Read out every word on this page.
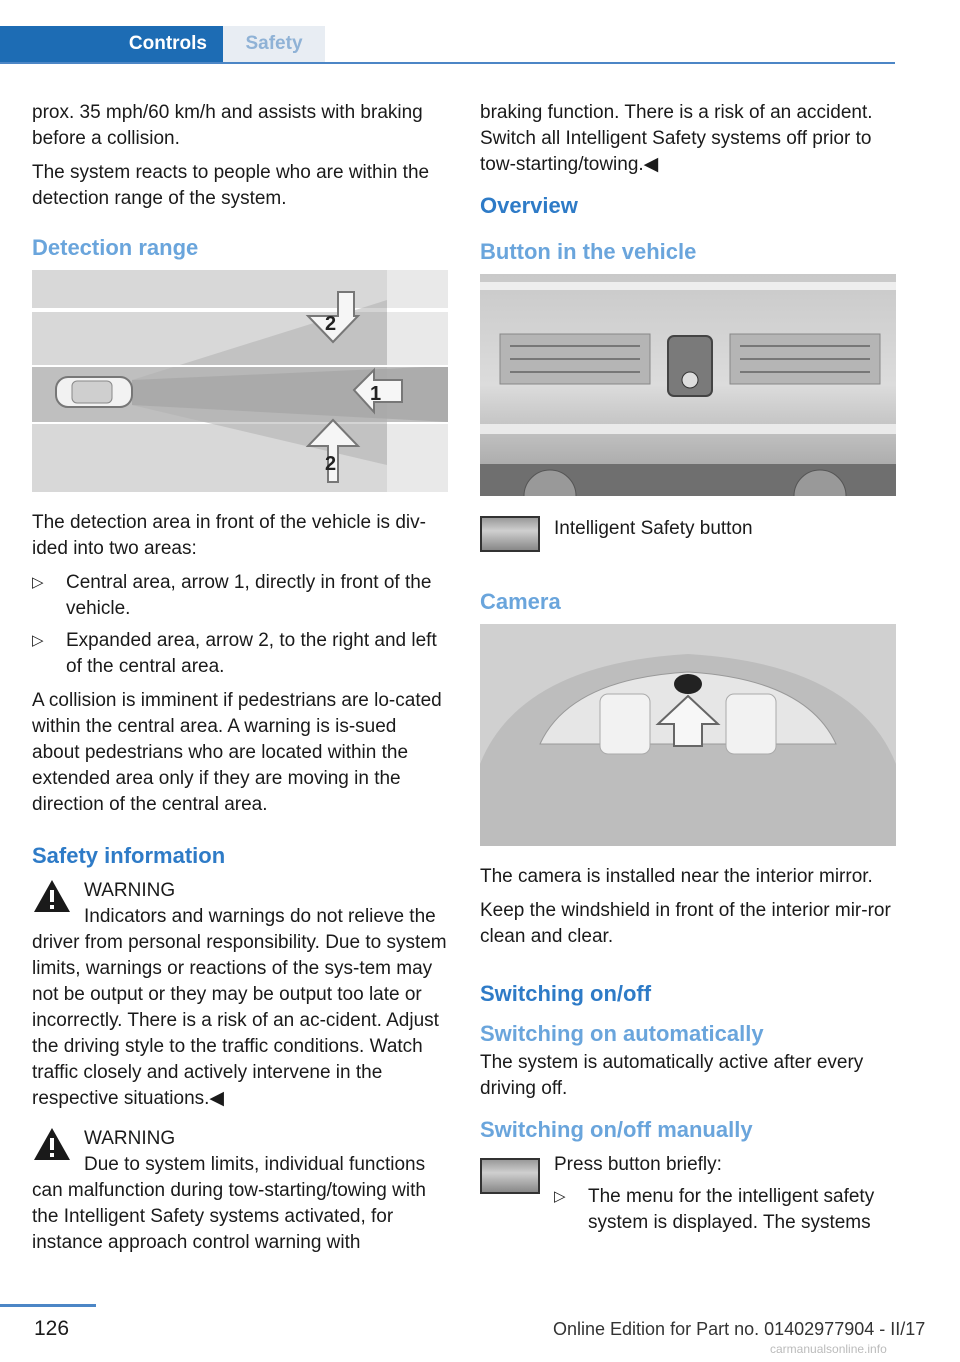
Controls	Safety

prox. 35 mph/60 km/h and assists with braking before a collision.

The system reacts to people who are within the detection range of the system.

Detection range
2
1
2

The detection area in front of the vehicle is div‐ided into two areas:

▷ Central area, arrow 1, directly in front of the vehicle.
▷ Expanded area, arrow 2, to the right and left of the central area.

A collision is imminent if pedestrians are lo‐cated within the central area. A warning is is‐sued about pedestrians who are located within the extended area only if they are moving in the direction of the central area.

Safety information
WARNING

Indicators and warnings do not relieve the driver from personal responsibility. Due to system limits, warnings or reactions of the sys‐tem may not be output or they may be output too late or incorrectly. There is a risk of an ac‐cident. Adjust the driving style to the traffic conditions. Watch traffic closely and actively intervene in the respective situations.◀

WARNING

Due to system limits, individual functions can malfunction during tow-starting/towing with the Intelligent Safety systems activated, for instance approach control warning with

braking function. There is a risk of an accident. Switch all Intelligent Safety systems off prior to tow-starting/towing.◀

Overview
Button in the vehicle
Intelligent Safety button
Camera

The camera is installed near the interior mirror.

Keep the windshield in front of the interior mir‐ror clean and clear.

Switching on/off
Switching on automatically

The system is automatically active after every driving off.

Switching on/off manually
Press button briefly:
▷ The menu for the intelligent safety system is displayed. The systems
126	Online Edition for Part no. 01402977904 - II/17
carmanualsonline.info
